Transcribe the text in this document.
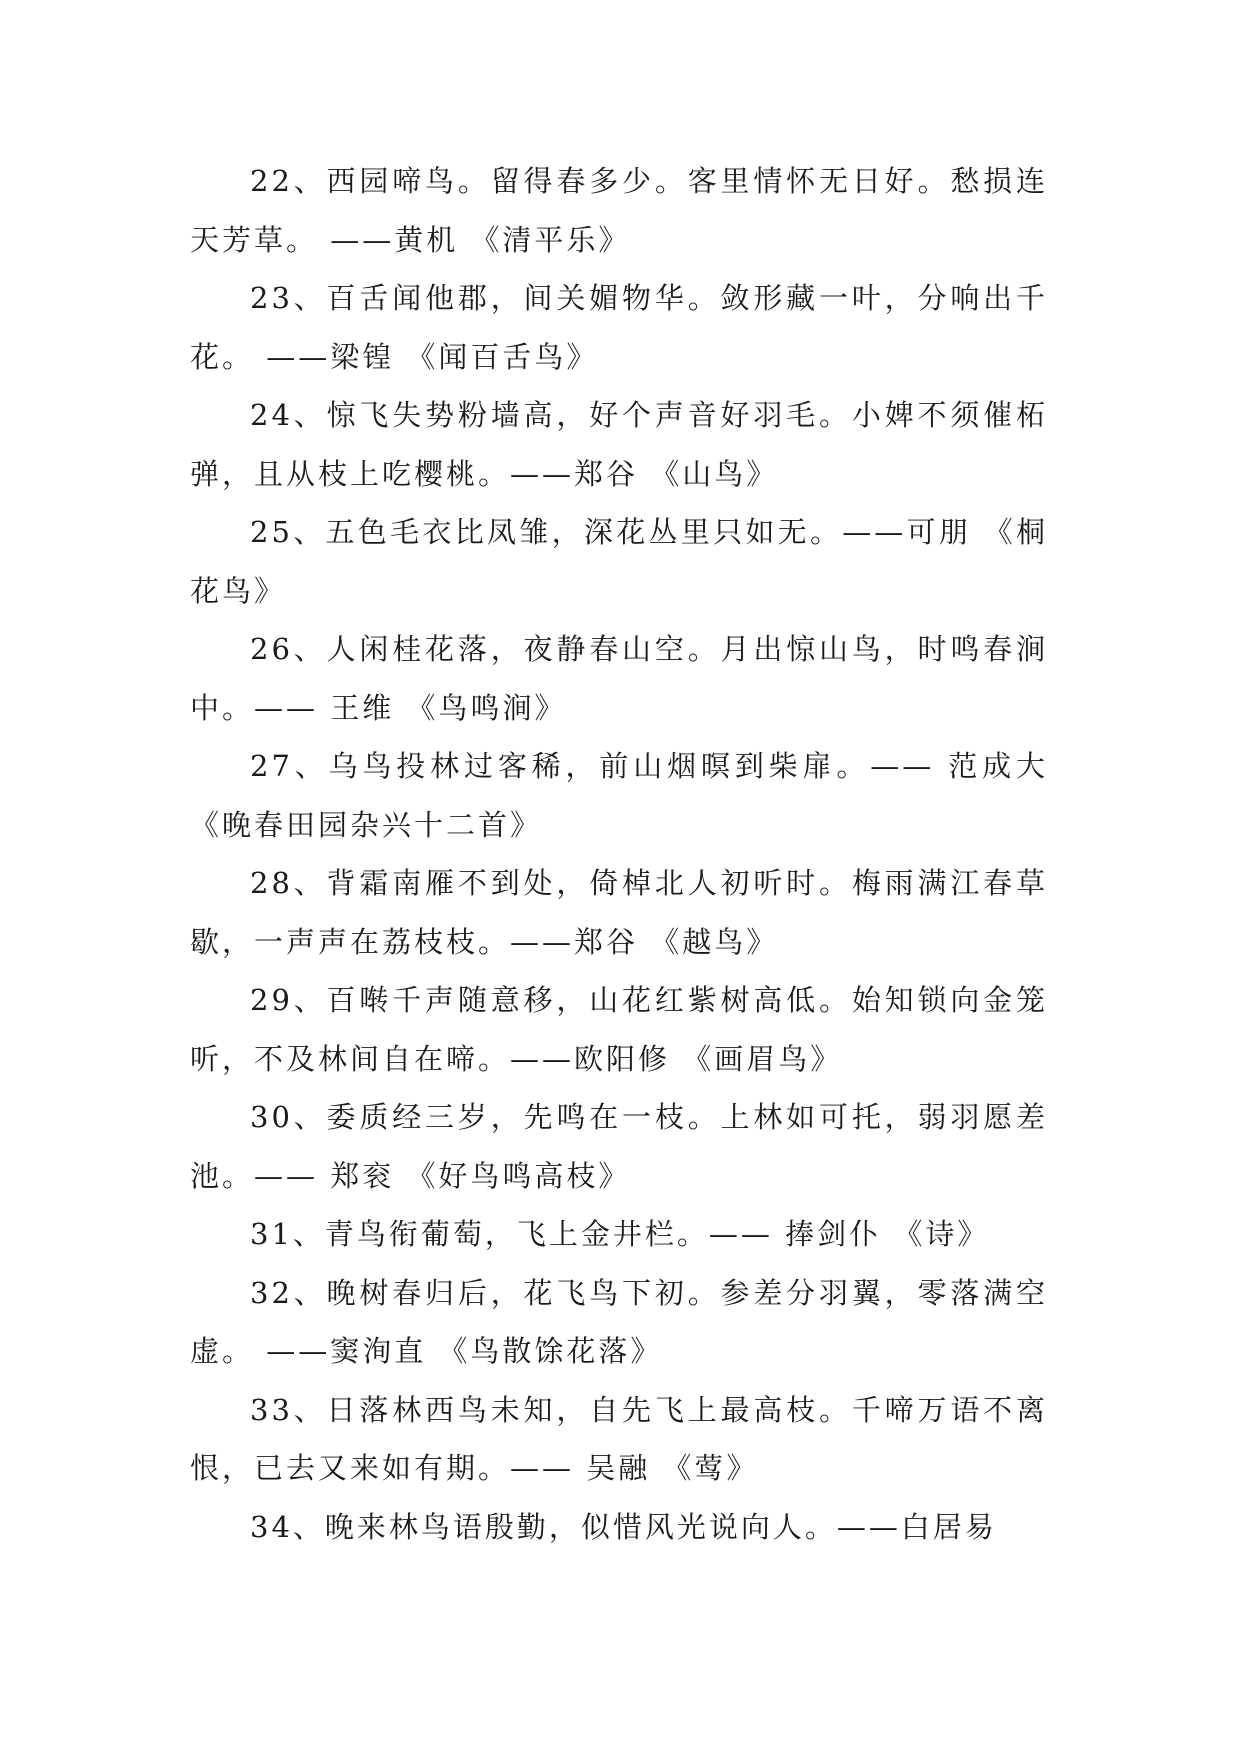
22、西园啼鸟。留得春多少。客里情怀无日好。愁损连天芳草。 ——黄机 《清平乐》

23、百舌闻他郡，间关媚物华。敛形藏一叶，分响出千花。 ——梁锽 《闻百舌鸟》

24、惊飞失势粉墙高，好个声音好羽毛。小婢不须催柘弹，且从枝上吃樱桃。——郑谷 《山鸟》

25、五色毛衣比凤雏，深花丛里只如无。——可朋 《桐花鸟》

26、人闲桂花落，夜静春山空。月出惊山鸟，时鸣春涧中。—— 王维 《鸟鸣涧》

27、乌鸟投林过客稀，前山烟暝到柴扉。—— 范成大 《晚春田园杂兴十二首》

28、背霜南雁不到处，倚棹北人初听时。梅雨满江春草歇，一声声在荔枝枝。——郑谷 《越鸟》

29、百啭千声随意移，山花红紫树高低。始知锁向金笼听，不及林间自在啼。——欧阳修 《画眉鸟》

30、委质经三岁，先鸣在一枝。上林如可托，弱羽愿差池。—— 郑衮 《好鸟鸣高枝》

31、青鸟衔葡萄，飞上金井栏。—— 捧剑仆 《诗》

32、晚树春归后，花飞鸟下初。参差分羽翼，零落满空虚。 ——窦洵直 《鸟散馀花落》

33、日落林西鸟未知，自先飞上最高枝。千啼万语不离恨，已去又来如有期。—— 吴融 《莺》

34、晚来林鸟语殷勤，似惜风光说向人。——白居易
